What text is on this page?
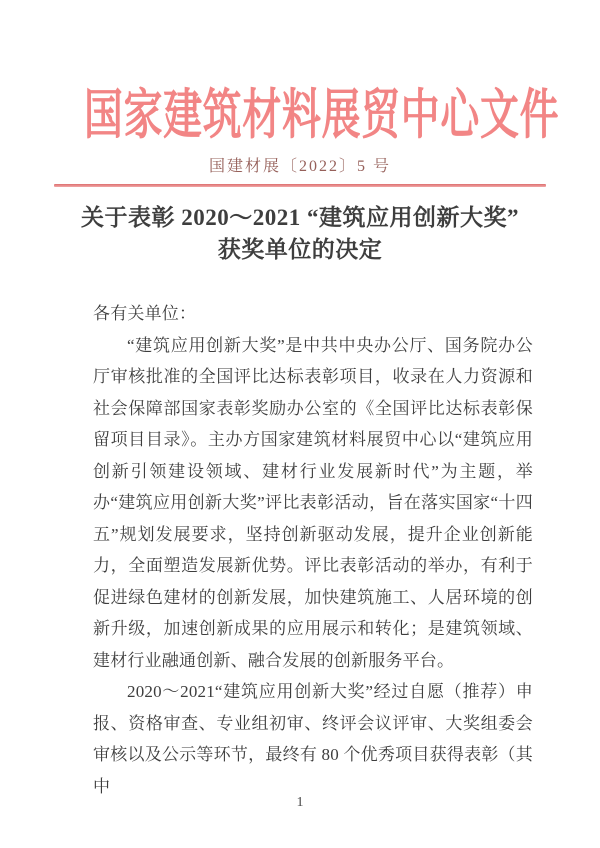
国家建筑材料展贸中心文件
国建材展〔2022〕5 号
关于表彰 2020～2021 “建筑应用创新大奖”
获奖单位的决定

各有关单位：

“建筑应用创新大奖”是中共中央办公厅、国务院办公厅审核批准的全国评比达标表彰项目，收录在人力资源和社会保障部国家表彰奖励办公室的《全国评比达标表彰保留项目目录》。主办方国家建筑材料展贸中心以“建筑应用创新引领建设领域、建材行业发展新时代”为主题，举办“建筑应用创新大奖”评比表彰活动，旨在落实国家“十四五”规划发展要求，坚持创新驱动发展，提升企业创新能力，全面塑造发展新优势。评比表彰活动的举办，有利于促进绿色建材的创新发展，加快建筑施工、人居环境的创新升级，加速创新成果的应用展示和转化；是建筑领域、建材行业融通创新、融合发展的创新服务平台。

2020～2021“建筑应用创新大奖”经过自愿（推荐）申报、资格审查、专业组初审、终评会议评审、大奖组委会审核以及公示等环节，最终有 80 个优秀项目获得表彰（其中

1
